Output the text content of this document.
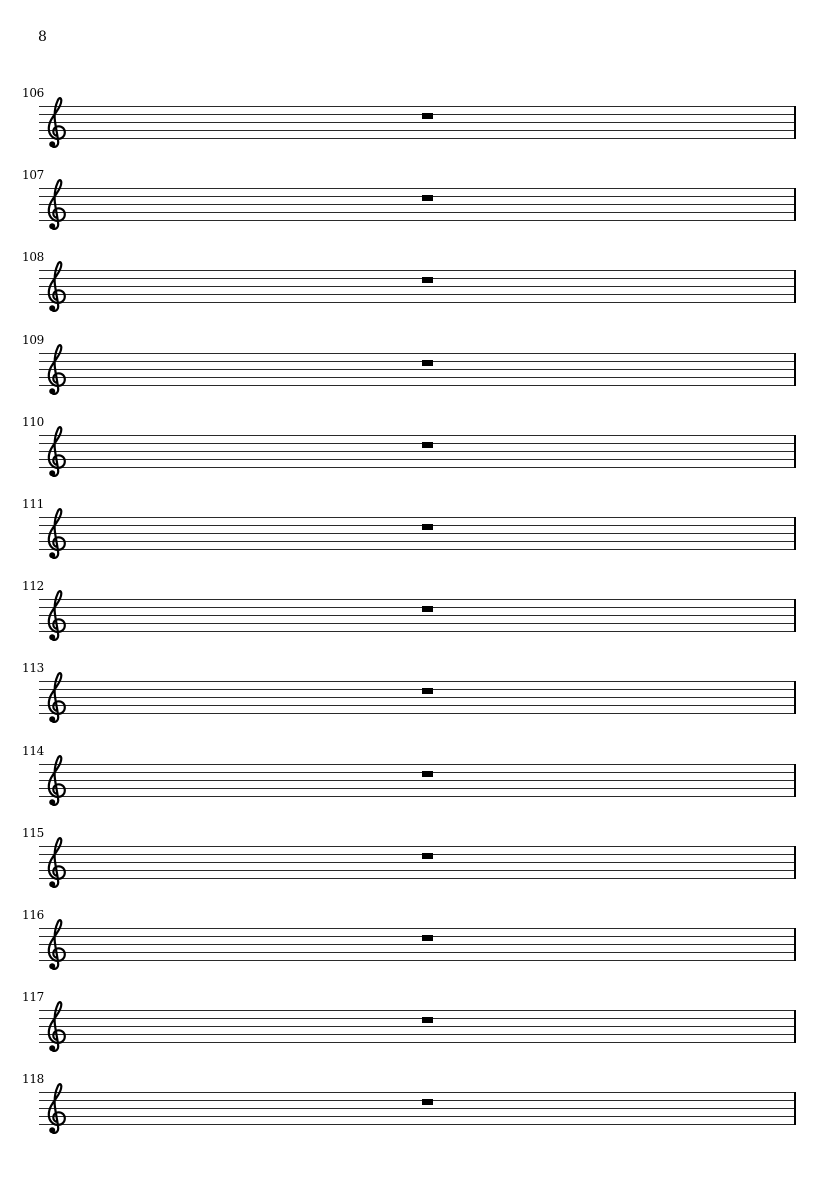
8
106
107
108
109
110
111
112
113
114
115
116
117
118
